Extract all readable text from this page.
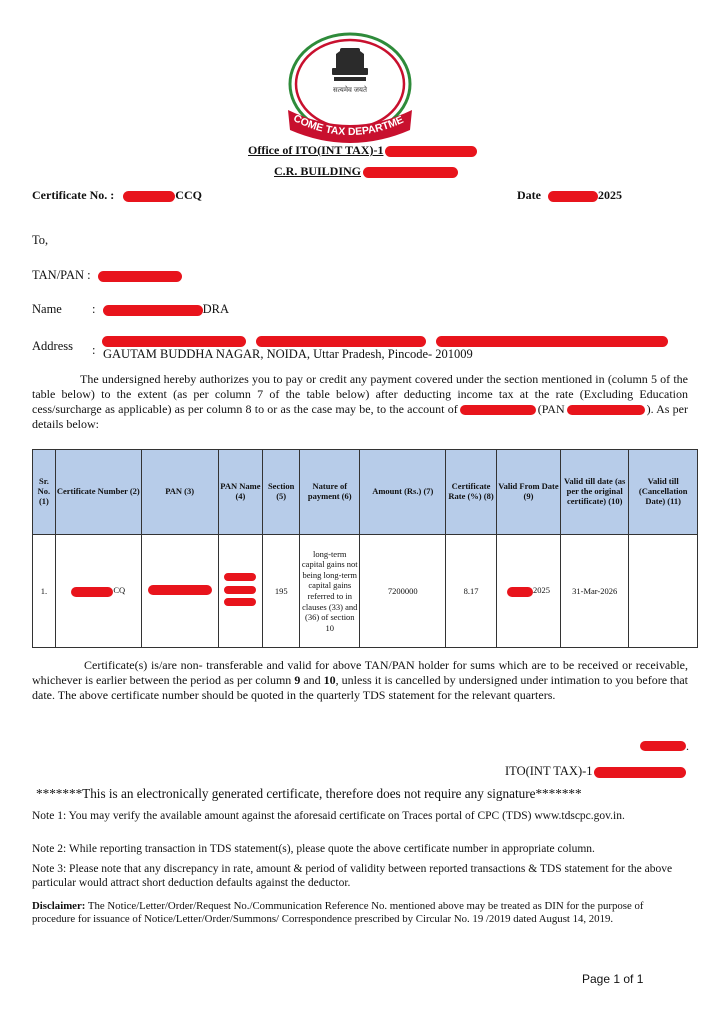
सत्यमेव जयते
COME TAX DEPARTME
Office of ITO(INT TAX)-1
C.R. BUILDING
Certificate No. :	CCQ	Date	2025
To,
TAN/PAN :
Name :	DRA
Address :
GAUTAM BUDDHA NAGAR, NOIDA, Uttar Pradesh, Pincode- 201009
The undersigned hereby authorizes you to pay or credit any payment covered under the section mentioned in (column 5 of the table below) to the extent (as per column 7 of the table below) after deducting income tax at the rate (Excluding Education cess/surcharge as applicable) as per column 8 to or as the case may be, to the account of	(PAN	). As per details below:
Sr. No. (1)	Certificate Number (2)	PAN (3)	PAN Name (4)	Section (5)	Nature of payment (6)	Amount (Rs.) (7)	Certificate Rate (%) (8)	Valid From Date (9)	Valid till date (as per the original certificate) (10)	Valid till (Cancellation Date) (11)
1.	CQ			195	long-term capital gains not being long-term capital gains referred to in clauses (33) and (36) of section 10	7200000	8.17	2025	31-Mar-2026	
Certificate(s) is/are non- transferable and valid for above TAN/PAN holder for sums which are to be received or receivable, whichever is earlier between the period as per column 9 and 10, unless it is cancelled by undersigned under intimation to you before that date. The above certificate number should be quoted in the quarterly TDS statement for the relevant quarters.
.
ITO(INT TAX)-1
*******This is an electronically generated certificate, therefore does not require any signature*******
Note 1: You may verify the available amount against the aforesaid certificate on Traces portal of CPC (TDS) www.tdscpc.gov.in.
Note 2: While reporting transaction in TDS statement(s), please quote the above certificate number in appropriate column.
Note 3: Please note that any discrepancy in rate, amount & period of validity between reported transactions & TDS statement for the above particular would attract short deduction defaults against the deductor.
Disclaimer: The Notice/Letter/Order/Request No./Communication Reference No. mentioned above may be treated as DIN for the purpose of procedure for issuance of Notice/Letter/Order/Summons/ Correspondence prescribed by Circular No. 19 /2019 dated August 14, 2019.
Page 1 of 1
